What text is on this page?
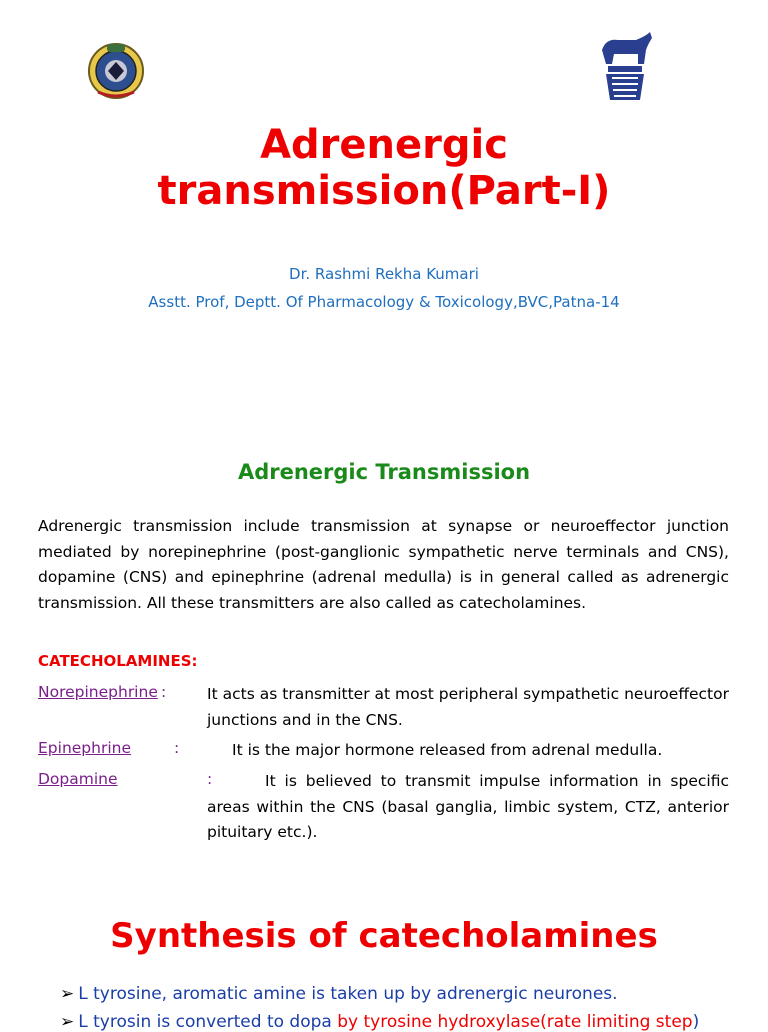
Adrenergic
transmission(Part-I)
Dr. Rashmi Rekha Kumari
Asstt. Prof, Deptt. Of Pharmacology & Toxicology,BVC,Patna-14
Adrenergic Transmission
Adrenergic transmission include transmission at synapse or neuroeffector junction mediated by norepinephrine (post-ganglionic sympathetic nerve terminals and CNS), dopamine (CNS) and epinephrine (adrenal medulla) is in general called as adrenergic transmission. All these transmitters are also called as catecholamines.
CATECHOLAMINES:
Norepinephrine :	It acts as transmitter at most peripheral sympathetic neuroeffector junctions and in the CNS.
Epinephrine	:	It is the major hormone released from adrenal medulla.
Dopamine	:	It is believed to transmit impulse information in specific areas within the CNS (basal ganglia, limbic system, CTZ, anterior pituitary etc.).
Synthesis of catecholamines
➢ L tyrosine, aromatic amine is taken up by adrenergic neurones.
➢ L tyrosin is converted to dopa by tyrosine hydroxylase(rate limiting step)
